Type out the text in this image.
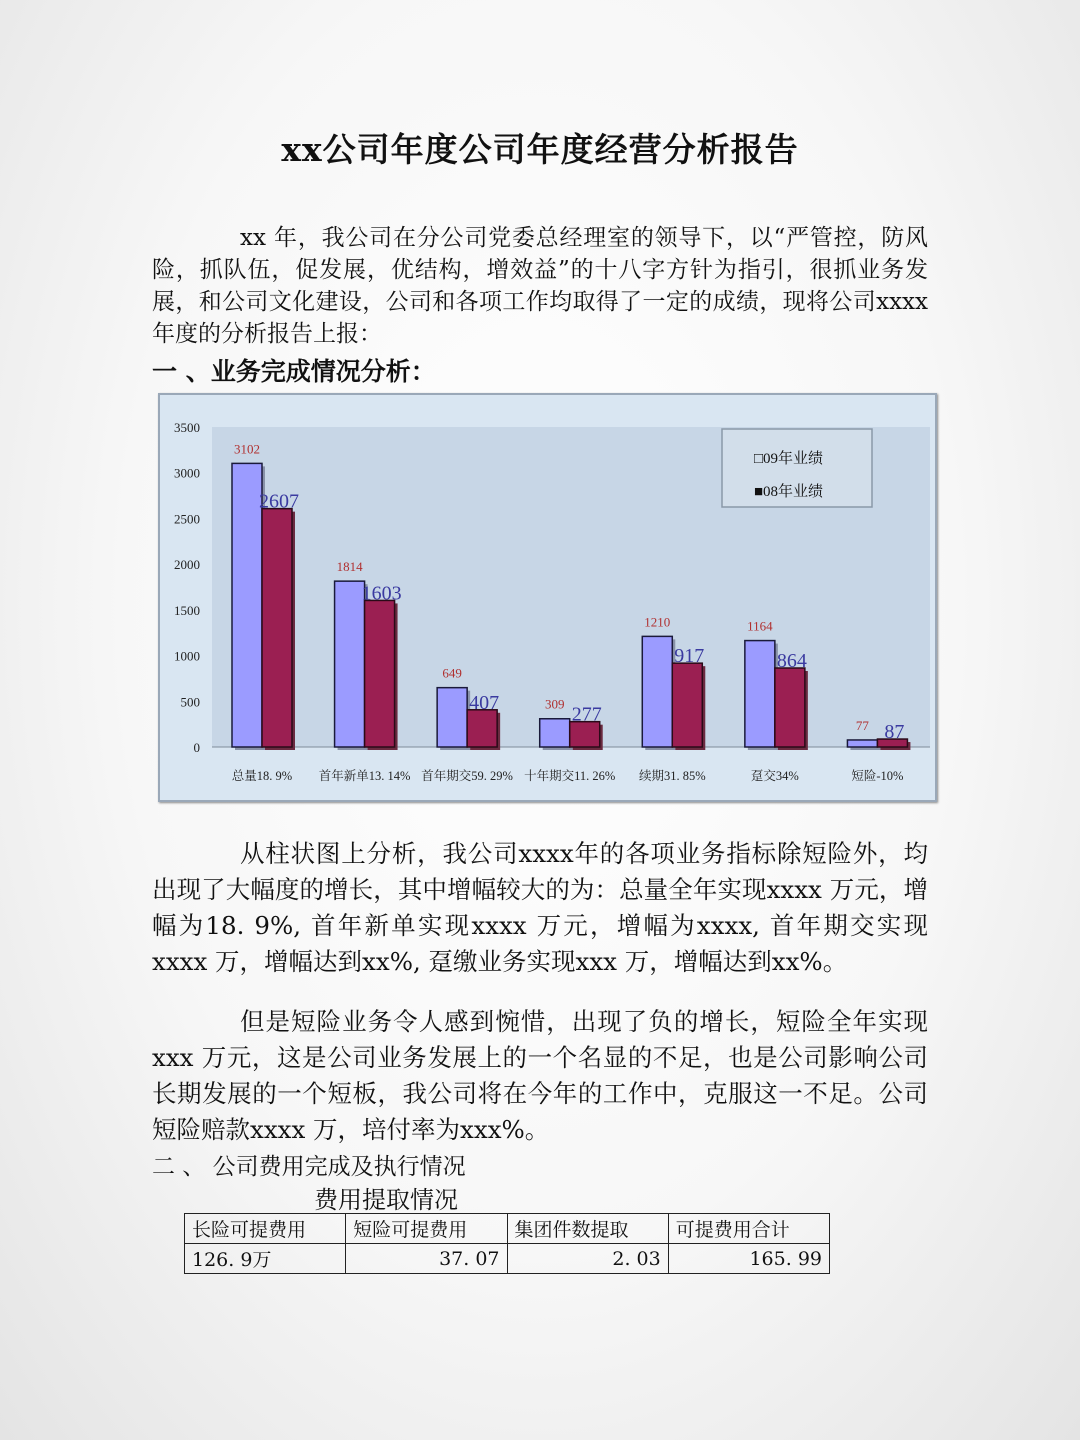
xx公司年度公司年度经营分析报告

xx 年，我公司在分公司党委总经理室的领导下，以“严管控，防风险，抓队伍，促发展，优结构，增效益”的十八字方针为指引，很抓业务发展，和公司文化建设，公司和各项工作均取得了一定的成绩，现将公司xxxx 年度的分析报告上报：

一 、业务完成情况分析：
3500
3000
2500
2000
1500
1000
500
0
3102
2607
总量18. 9%
1814
1603
首年新单13. 14%
649
407
首年期交59. 29%
309 277
十年期交11. 26%
1210
917
续期31. 85%
1164
864
趸交34%
77 87
短险-10%
□09年业绩
■08年业绩

从柱状图上分析，我公司xxxx年的各项业务指标除短险外，均出现了大幅度的增长，其中增幅较大的为：总量全年实现xxxx 万元，增幅为18. 9%, 首年新单实现xxxx 万元，增幅为xxxx, 首年期交实现xxxx 万，增幅达到xx%, 趸缴业务实现xxx 万，增幅达到xx%。

但是短险业务令人感到惋惜，出现了负的增长，短险全年实现xxx 万元，这是公司业务发展上的一个名显的不足，也是公司影响公司长期发展的一个短板，我公司将在今年的工作中，克服这一不足。公司短险赔款xxxx 万，培付率为xxx%。

二 、 公司费用完成及执行情况
费用提取情况
长险可提费用	短险可提费用	集团件数提取	可提费用合计
126. 9万	37. 07	2. 03	165. 99
